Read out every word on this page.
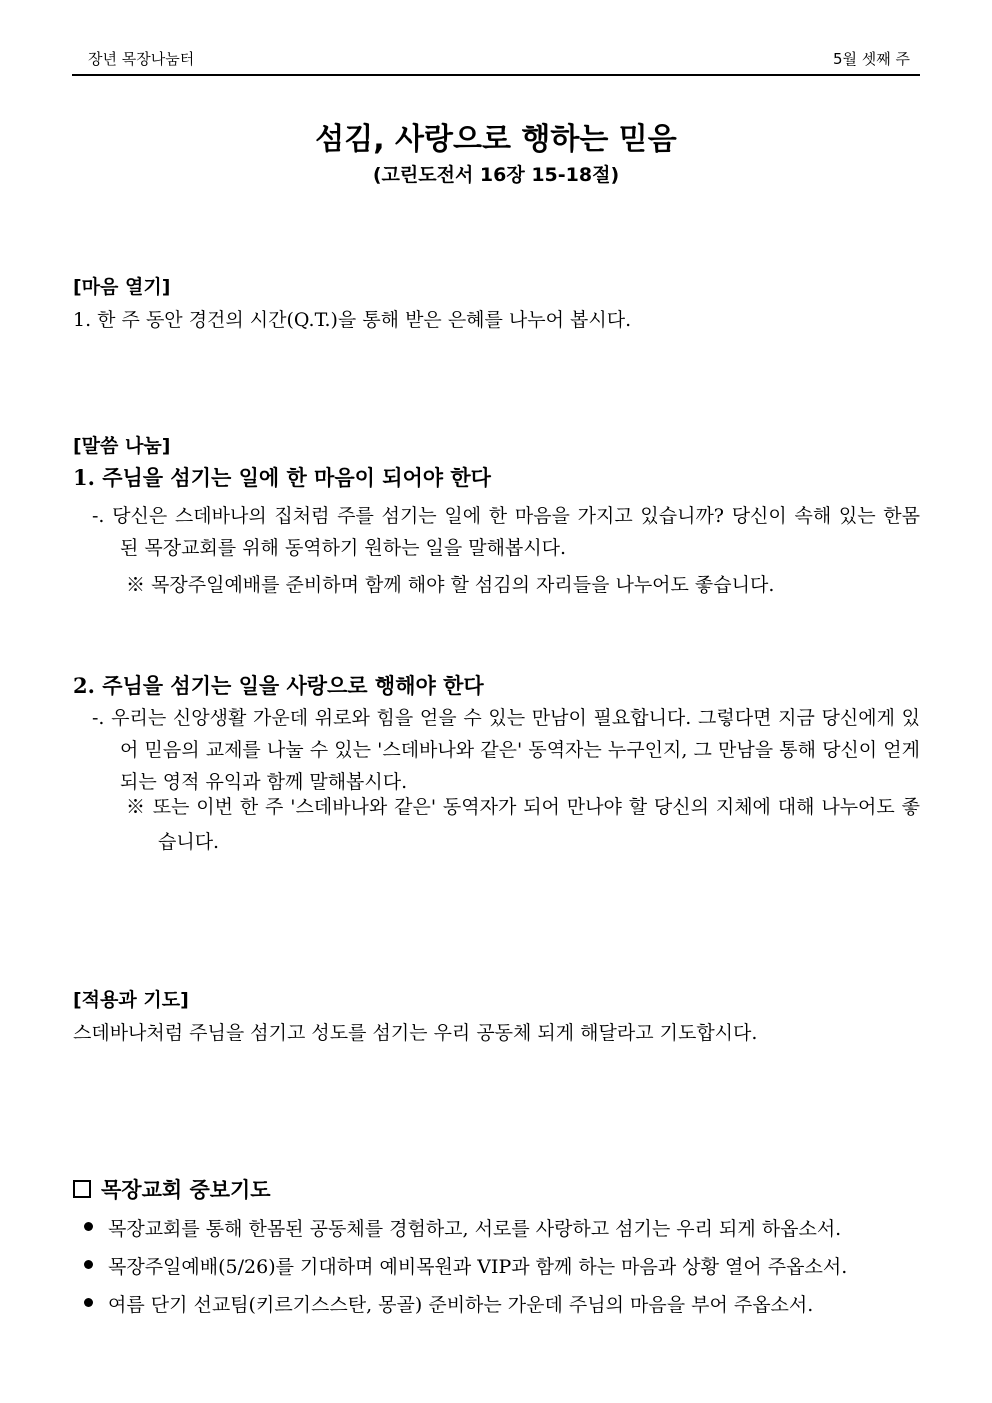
장년 목장나눔터	5월 셋째 주
섬김, 사랑으로 행하는 믿음
(고린도전서 16장 15-18절)
[마음 열기]
1. 한 주 동안 경건의 시간(Q.T.)을 통해 받은 은혜를 나누어 봅시다.
[말씀 나눔]
1. 주님을 섬기는 일에 한 마음이 되어야 한다
-. 당신은 스데바나의 집처럼 주를 섬기는 일에 한 마음을 가지고 있습니까? 당신이 속해 있는 한몸 된 목장교회를 위해 동역하기 원하는 일을 말해봅시다.
※ 목장주일예배를 준비하며 함께 해야 할 섬김의 자리들을 나누어도 좋습니다.
2. 주님을 섬기는 일을 사랑으로 행해야 한다
-. 우리는 신앙생활 가운데 위로와 힘을 얻을 수 있는 만남이 필요합니다. 그렇다면 지금 당신에게 있어 믿음의 교제를 나눌 수 있는 '스데바나와 같은' 동역자는 누구인지, 그 만남을 통해 당신이 얻게 되는 영적 유익과 함께 말해봅시다.
※ 또는 이번 한 주 '스데바나와 같은' 동역자가 되어 만나야 할 당신의 지체에 대해 나누어도 좋습니다.
[적용과 기도]
스데바나처럼 주님을 섬기고 성도를 섬기는 우리 공동체 되게 해달라고 기도합시다.
목장교회 중보기도
목장교회를 통해 한몸된 공동체를 경험하고, 서로를 사랑하고 섬기는 우리 되게 하옵소서.
목장주일예배(5/26)를 기대하며 예비목원과 VIP과 함께 하는 마음과 상황 열어 주옵소서.
여름 단기 선교팀(키르기스스탄, 몽골) 준비하는 가운데 주님의 마음을 부어 주옵소서.
